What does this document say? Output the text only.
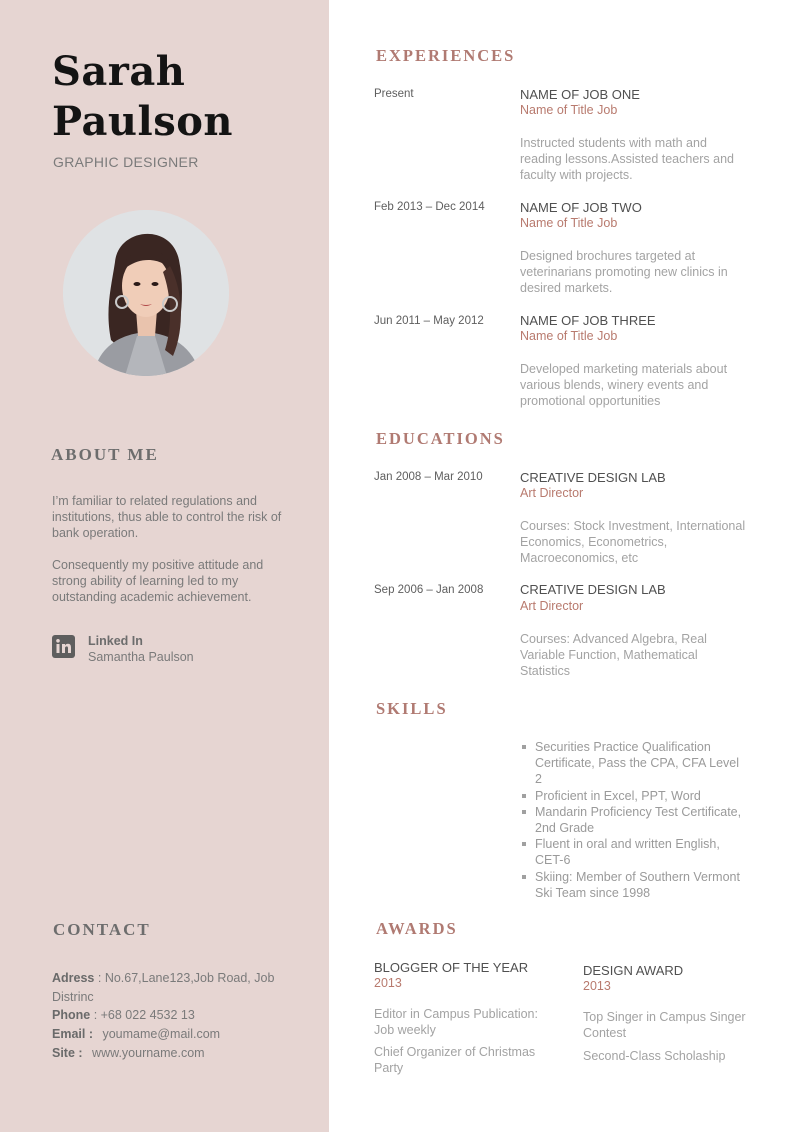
Sarah
Paulson
GRAPHIC DESIGNER
ABOUT ME
I’m familiar to related regulations and institutions, thus able to control the risk of bank operation.
Consequently my positive attitude and strong ability of learning led to my outstanding academic achievement.
Linked In
Samantha Paulson
CONTACT
Adress : No.67,Lane123,Job Road, Job Distrinc
Phone : +68 022 4532 13
Email : youmame@mail.com
Site : www.yourname.com
EXPERIENCES
Present	NAME OF JOB ONE
Name of Title Job
Instructed students with math and reading lessons.Assisted teachers and faculty with projects.
Feb 2013 – Dec 2014	NAME OF JOB TWO
Name of Title Job
Designed brochures targeted at veterinarians promoting new clinics in desired markets.
Jun 2011 – May 2012	NAME OF JOB THREE
Name of Title Job
Developed marketing materials about various blends, winery events and promotional opportunities
EDUCATIONS
Jan 2008 – Mar 2010	CREATIVE DESIGN LAB
Art Director
Courses: Stock Investment, International Economics, Econometrics, Macroeconomics, etc
Sep 2006 – Jan 2008	CREATIVE DESIGN LAB
Art Director
Courses: Advanced Algebra, Real Variable Function, Mathematical Statistics
SKILLS
Securities Practice Qualification Certificate, Pass the CPA, CFA Level 2
Proficient in Excel, PPT, Word
Mandarin Proficiency Test Certificate, 2nd Grade
Fluent in oral and written English, CET-6
Skiing: Member of Southern Vermont Ski Team since 1998
AWARDS
BLOGGER OF THE YEAR
2013
Editor in Campus Publication: Job weekly
Chief Organizer of Christmas Party
DESIGN AWARD
2013
Top Singer in Campus Singer Contest
Second-Class Scholaship
